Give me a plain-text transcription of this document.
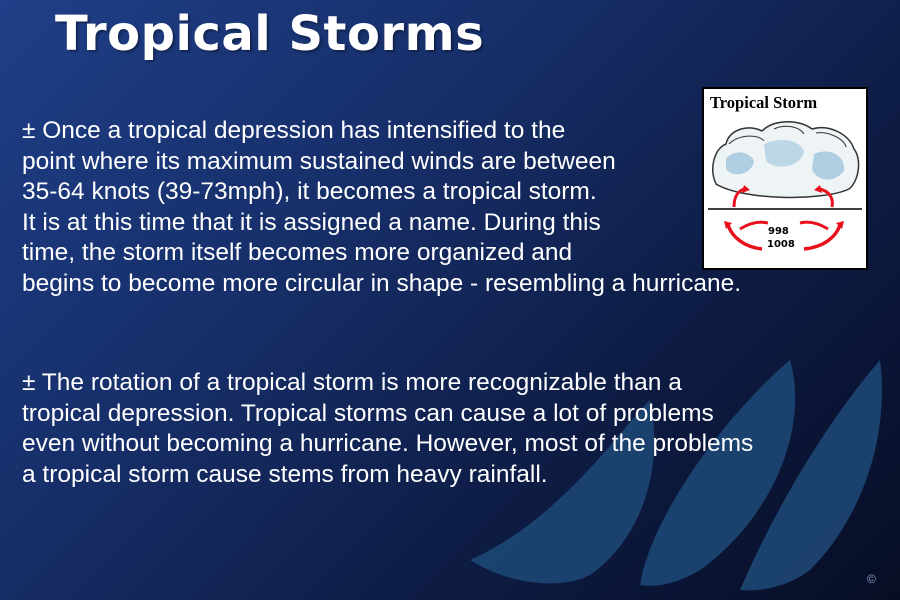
Tropical Storms
998
1008
Tropical Storm

± Once a tropical depression has intensified to the
point where its maximum sustained winds are between
35-64 knots (39-73mph), it becomes a tropical storm.
It is at this time that it is assigned a name. During this
time, the storm itself becomes more organized and
begins to become more circular in shape - resembling a hurricane.

± The rotation of a tropical storm is more recognizable than a
tropical depression. Tropical storms can cause a lot of problems
even without becoming a hurricane. However, most of the problems
a tropical storm cause stems from heavy rainfall.

©
